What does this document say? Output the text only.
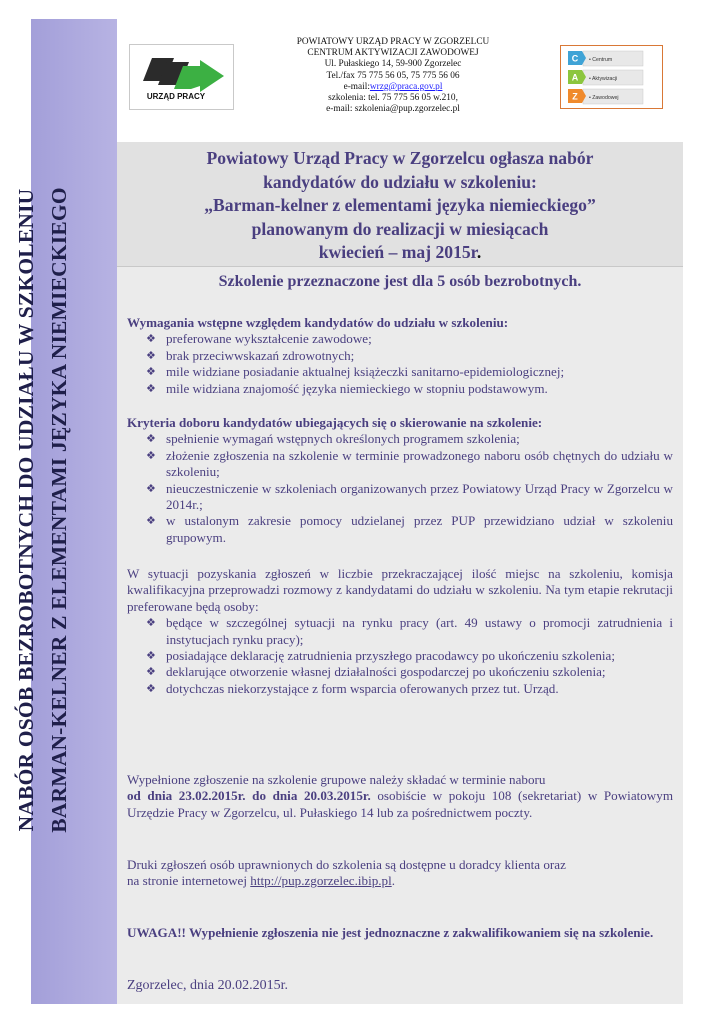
NABÓR OSÓB BEZROBOTNYCH DO UDZIAŁU W SZKOLENIU BARMAN-KELNER Z ELEMENTAMI JĘZYKA NIEMIECKIEGO
URZĄD PRACY
POWIATOWY URZĄD PRACY W ZGORZELCU
CENTRUM AKTYWIZACJI ZAWODOWEJ
Ul. Pułaskiego 14, 59-900 Zgorzelec
Tel./fax 75 775 56 05, 75 775 56 06
e-mail:wrzg@praca.gov.pl
szkolenia: tel. 75 775 56 05 w.210,
e-mail: szkolenia@pup.zgorzelec.pl
C
A
Z
• Centrum
• Aktywizacji
• Zawodowej
Powiatowy Urząd Pracy w Zgorzelcu ogłasza nabór
kandydatów do udziału w szkoleniu:
„Barman-kelner z elementami języka niemieckiego”
planowanym do realizacji w miesiącach
kwiecień – maj 2015r.
Szkolenie przeznaczone jest dla 5 osób bezrobotnych.
Wymagania wstępne względem kandydatów do udziału w szkoleniu:
❖ preferowane wykształcenie zawodowe;
❖ brak przeciwwskazań zdrowotnych;
❖ mile widziane posiadanie aktualnej książeczki sanitarno-epidemiologicznej;
❖ mile widziana znajomość języka niemieckiego w stopniu podstawowym.
Kryteria doboru kandydatów ubiegających się o skierowanie na szkolenie:
❖ spełnienie wymagań wstępnych określonych programem szkolenia;
❖ złożenie zgłoszenia na szkolenie w terminie prowadzonego naboru osób chętnych do udziału w szkoleniu;
❖ nieuczestniczenie w szkoleniach organizowanych przez Powiatowy Urząd Pracy w Zgorzelcu w 2014r.;
❖ w ustalonym zakresie pomocy udzielanej przez PUP przewidziano udział w szkoleniu grupowym.
W sytuacji pozyskania zgłoszeń w liczbie przekraczającej ilość miejsc na szkoleniu, komisja kwalifikacyjna przeprowadzi rozmowy z kandydatami do udziału w szkoleniu. Na tym etapie rekrutacji preferowane będą osoby:
❖ będące w szczególnej sytuacji na rynku pracy (art. 49 ustawy o promocji zatrudnienia i instytucjach rynku pracy);
❖ posiadające deklarację zatrudnienia przyszłego pracodawcy po ukończeniu szkolenia;
❖ deklarujące otworzenie własnej działalności gospodarczej po ukończeniu szkolenia;
❖ dotychczas niekorzystające z form wsparcia oferowanych przez tut. Urząd.
Wypełnione zgłoszenie na szkolenie grupowe należy składać w terminie naboru
od dnia 23.02.2015r. do dnia 20.03.2015r. osobiście w pokoju 108 (sekretariat) w Powiatowym Urzędzie Pracy w Zgorzelcu, ul. Pułaskiego 14 lub za pośrednictwem poczty.
Druki zgłoszeń osób uprawnionych do szkolenia są dostępne u doradcy klienta oraz
na stronie internetowej http://pup.zgorzelec.ibip.pl.
UWAGA!! Wypełnienie zgłoszenia nie jest jednoznaczne z zakwalifikowaniem się na szkolenie.
Zgorzelec, dnia 20.02.2015r.
